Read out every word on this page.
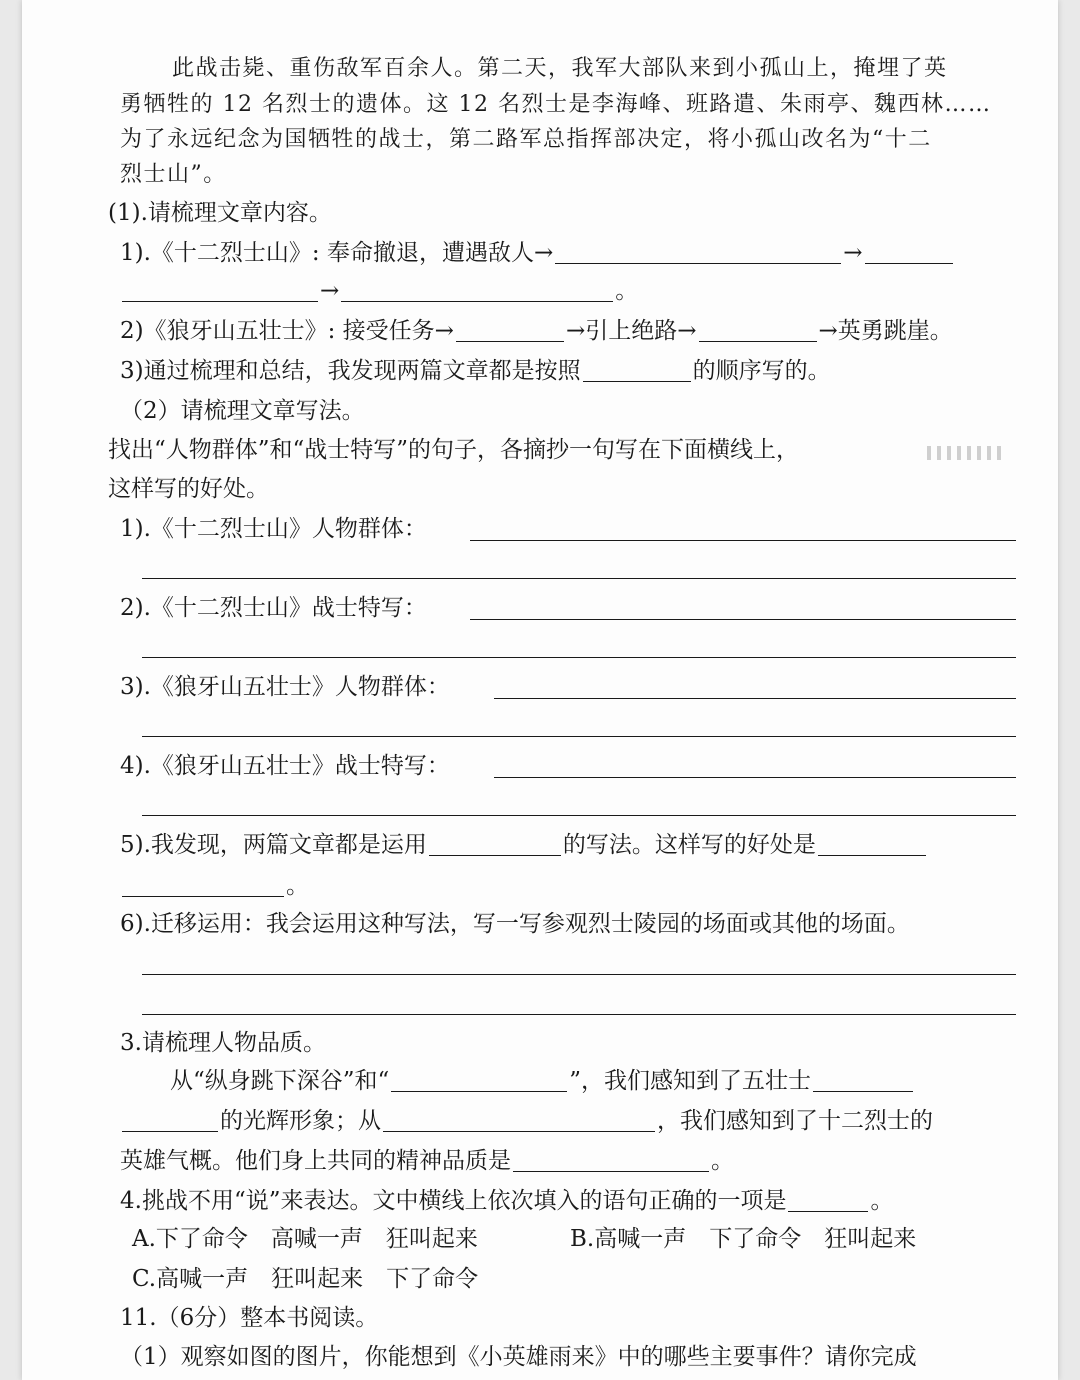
此战击毙、重伤敌军百余人。第二天，我军大部队来到小孤山上，掩埋了英
勇牺牲的 12 名烈士的遗体。这 12 名烈士是李海峰、班路遣、朱雨亭、魏西林……
为了永远纪念为国牺牲的战士，第二路军总指挥部决定，将小孤山改名为“十二
烈士山”。
(1).请梳理文章内容。
1).《十二烈士山》: 奉命撤退，遭遇敌人→	→
→	。
2)《狼牙山五壮士》: 接受任务→	→引上绝路→	→英勇跳崖。
3)通过梳理和总结，我发现两篇文章都是按照	的顺序写的。
（2）请梳理文章写法。
找出“人物群体”和“战士特写”的句子，各摘抄一句写在下面横线上，
这样写的好处。
1).《十二烈士山》人物群体：
2).《十二烈士山》战士特写：
3).《狼牙山五壮士》人物群体：
4).《狼牙山五壮士》战士特写：
5).我发现，两篇文章都是运用	的写法。这样写的好处是
。
6).迁移运用：我会运用这种写法，写一写参观烈士陵园的场面或其他的场面。
3.请梳理人物品质。
从“纵身跳下深谷”和“	”，我们感知到了五壮士
的光辉形象；从	，我们感知到了十二烈士的
英雄气概。他们身上共同的精神品质是	。
4.挑战不用“说”来表达。文中横线上依次填入的语句正确的一项是	。
A.下了命令　高喊一声　狂叫起来	B.高喊一声　下了命令　狂叫起来
C.高喊一声　狂叫起来　下了命令
11.（6分）整本书阅读。
（1）观察如图的图片，你能想到《小英雄雨来》中的哪些主要事件？请你完成
